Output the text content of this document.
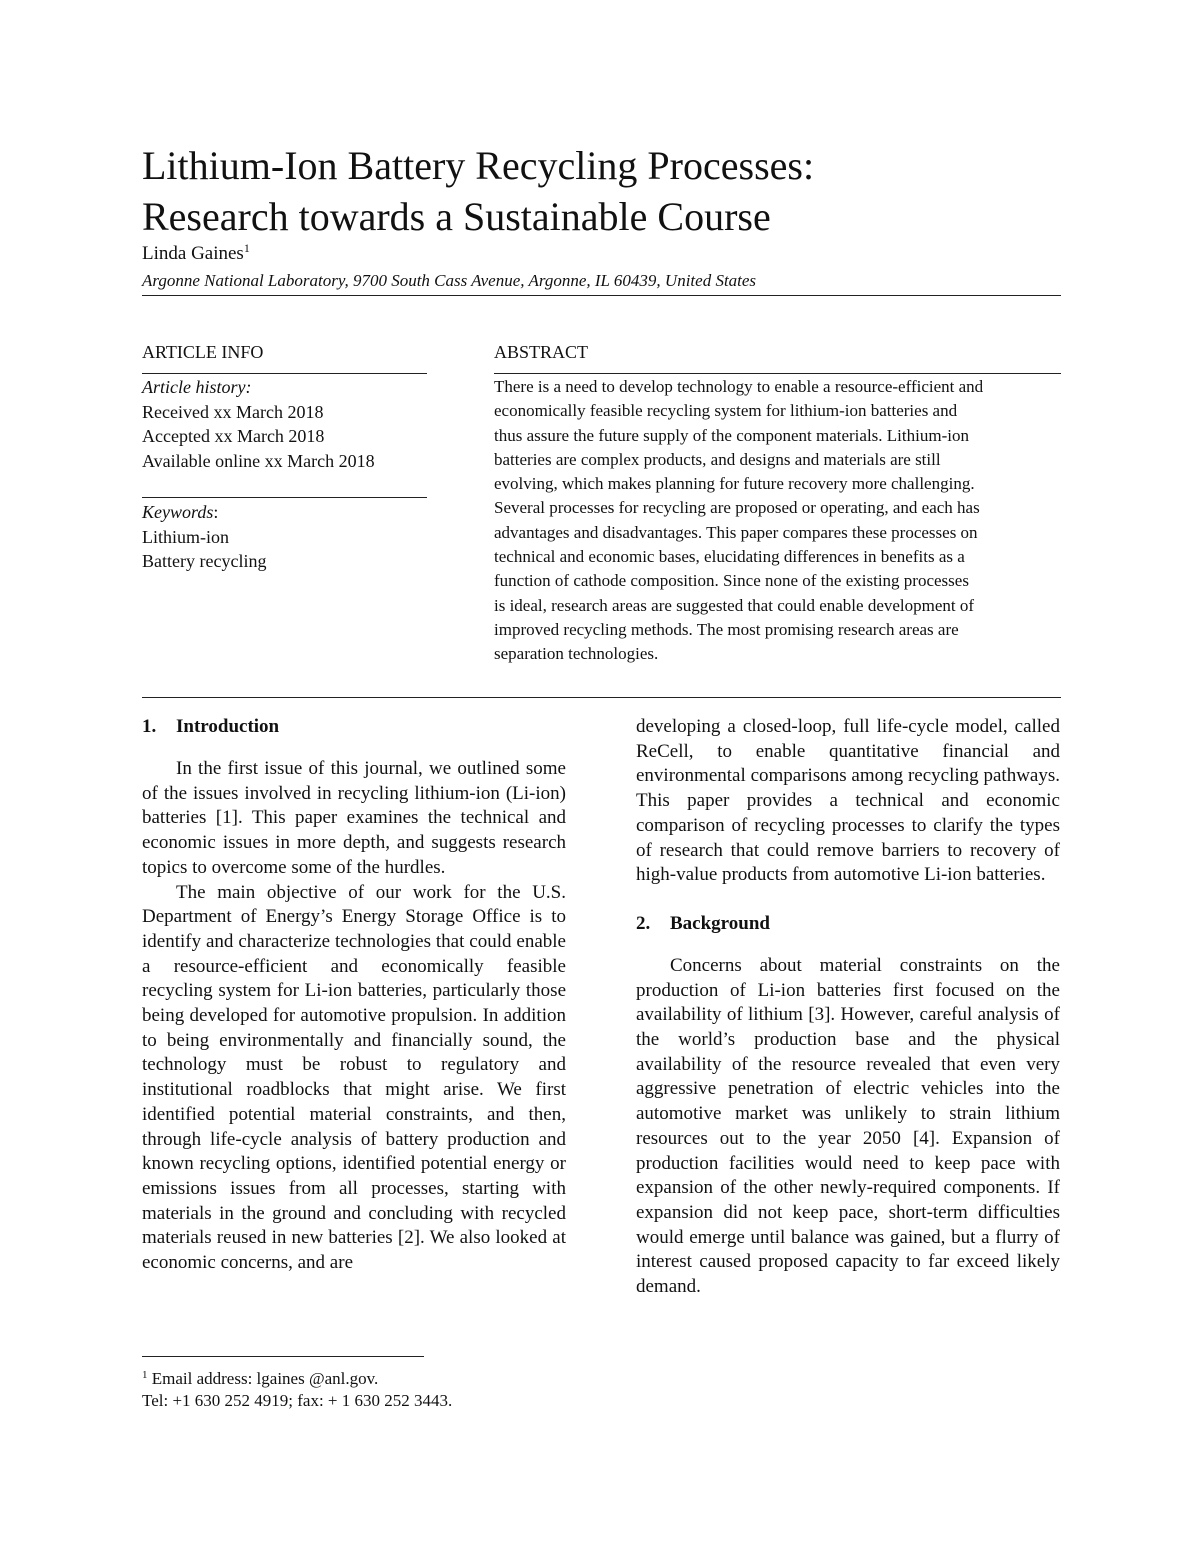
Lithium-Ion Battery Recycling Processes:
Research towards a Sustainable Course
Linda Gaines$^1$
Argonne National Laboratory, 9700 South Cass Avenue, Argonne, IL 60439, United States
ARTICLE INFO
Article history:
Received xx March 2018
Accepted xx March 2018
Available online xx March 2018
Keywords:
Lithium-ion
Battery recycling
ABSTRACT
There is a need to develop technology to enable a resource-efficient and
economically feasible recycling system for lithium-ion batteries and
thus assure the future supply of the component materials. Lithium-ion
batteries are complex products, and designs and materials are still
evolving, which makes planning for future recovery more challenging.
Several processes for recycling are proposed or operating, and each has
advantages and disadvantages. This paper compares these processes on
technical and economic bases, elucidating differences in benefits as a
function of cathode composition. Since none of the existing processes
is ideal, research areas are suggested that could enable development of
improved recycling methods. The most promising research areas are
separation technologies.
1. Introduction

In the first issue of this journal, we outlined some of the issues involved in recycling lithium-ion (Li-ion) batteries [1]. This paper examines the technical and economic issues in more depth, and suggests research topics to overcome some of the hurdles.

The main objective of our work for the U.S. Department of Energy’s Energy Storage Office is to identify and characterize technologies that could enable a resource-efficient and economically feasible recycling system for Li-ion batteries, particularly those being developed for automotive propulsion. In addition to being environmentally and financially sound, the technology must be robust to regulatory and institutional roadblocks that might arise. We first identified potential material constraints, and then, through life-cycle analysis of battery production and known recycling options, identified potential energy or emissions issues from all processes, starting with materials in the ground and concluding with recycled materials reused in new batteries [2]. We also looked at economic concerns, and are

developing a closed-loop, full life-cycle model, called ReCell, to enable quantitative financial and environmental comparisons among recycling pathways. This paper provides a technical and economic comparison of recycling processes to clarify the types of research that could remove barriers to recovery of high-value products from automotive Li-ion batteries.

2. Background

Concerns about material constraints on the production of Li-ion batteries first focused on the availability of lithium [3]. However, careful analysis of the world’s production base and the physical availability of the resource revealed that even very aggressive penetration of electric vehicles into the automotive market was unlikely to strain lithium resources out to the year 2050 [4]. Expansion of production facilities would need to keep pace with expansion of the other newly-required components. If expansion did not keep pace, short-term difficulties would emerge until balance was gained, but a flurry of interest caused proposed capacity to far exceed likely demand.

$^1$ Email address: lgaines @anl.gov.
Tel: +1 630 252 4919; fax: + 1 630 252 3443.
